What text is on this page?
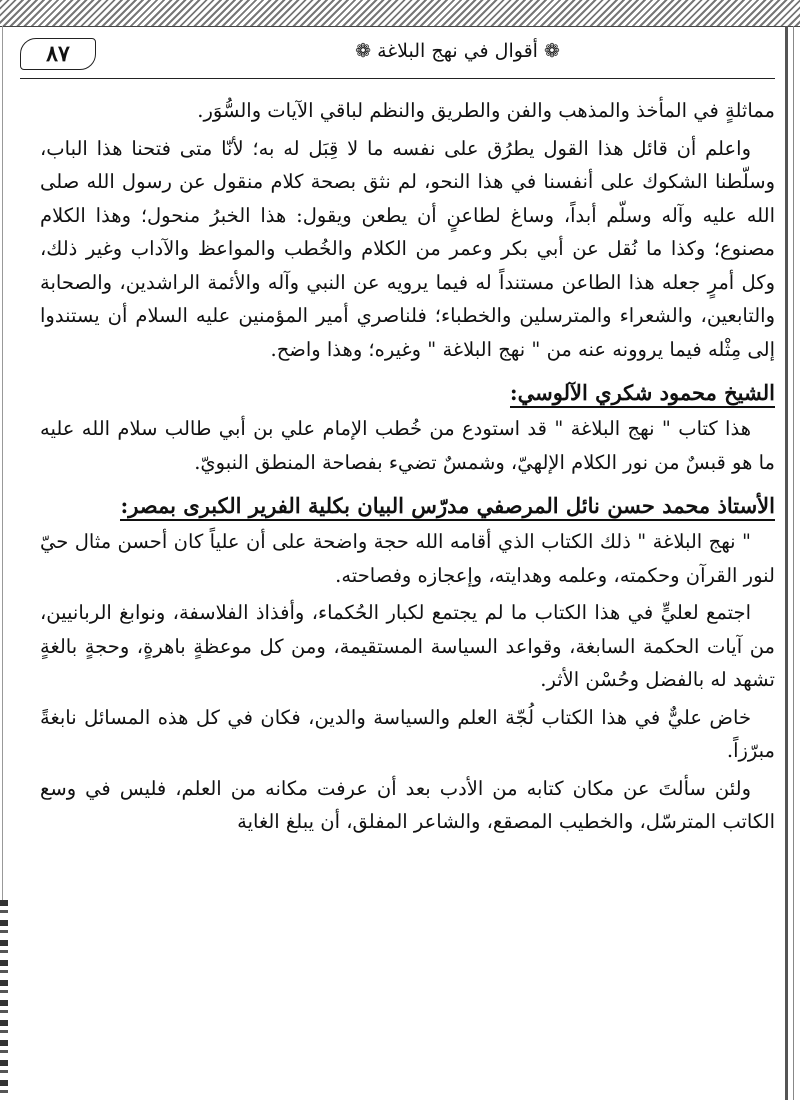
٨٧	❁ أقوال في نهج البلاغة ❁

مماثلةٍ في المأخذ والمذهب والفن والطريق والنظم لباقي الآيات والسُّوَر.

واعلم أن قائل هذا القول يطرُق على نفسه ما لا قِبَل له به؛ لأنّا متى فتحنا هذا الباب، وسلّطنا الشكوك على أنفسنا في هذا النحو، لم نثق بصحة كلام منقول عن رسول الله صلى الله عليه وآله وسلّم أبداً، وساغ لطاعنٍ أن يطعن ويقول: هذا الخبرُ منحول؛ وهذا الكلام مصنوع؛ وكذا ما نُقل عن أبي بكر وعمر من الكلام والخُطب والمواعظ والآداب وغير ذلك، وكل أمرٍ جعله هذا الطاعن مستنداً له فيما يرويه عن النبي وآله والأئمة الراشدين، والصحابة والتابعين، والشعراء والمترسلين والخطباء؛ فلناصري أمير المؤمنين عليه السلام أن يستندوا إلى مِثْله فيما يروونه عنه من " نهج البلاغة " وغيره؛ وهذا واضح.

الشيخ محمود شكري الآلوسي:

هذا كتاب " نهج البلاغة " قد استودع من خُطب الإمام علي بن أبي طالب سلام الله عليه ما هو قبسٌ من نور الكلام الإلهيّ، وشمسٌ تضيء بفصاحة المنطق النبويّ.

الأستاذ محمد حسن نائل المرصفي مدرّس البيان بكلية الفرير الكبرى بمصر:

" نهج البلاغة " ذلك الكتاب الذي أقامه الله حجة واضحة على أن علياً كان أحسن مثال حيّ لنور القرآن وحكمته، وعلمه وهدايته، وإعجازه وفصاحته.

اجتمع لعليٍّ في هذا الكتاب ما لم يجتمع لكبار الحُكماء، وأفذاذ الفلاسفة، ونوابغ الربانيين، من آيات الحكمة السابغة، وقواعد السياسة المستقيمة، ومن كل موعظةٍ باهرةٍ، وحجةٍ بالغةٍ تشهد له بالفضل وحُسْن الأثر.

خاض عليٌّ في هذا الكتاب لُجّة العلم والسياسة والدين، فكان في كل هذه المسائل نابغةً مبرّزاً.

ولئن سألتَ عن مكان كتابه من الأدب بعد أن عرفت مكانه من العلم، فليس في وسع الكاتب المترسّل، والخطيب المصقع، والشاعر المفلق، أن يبلغ الغاية
